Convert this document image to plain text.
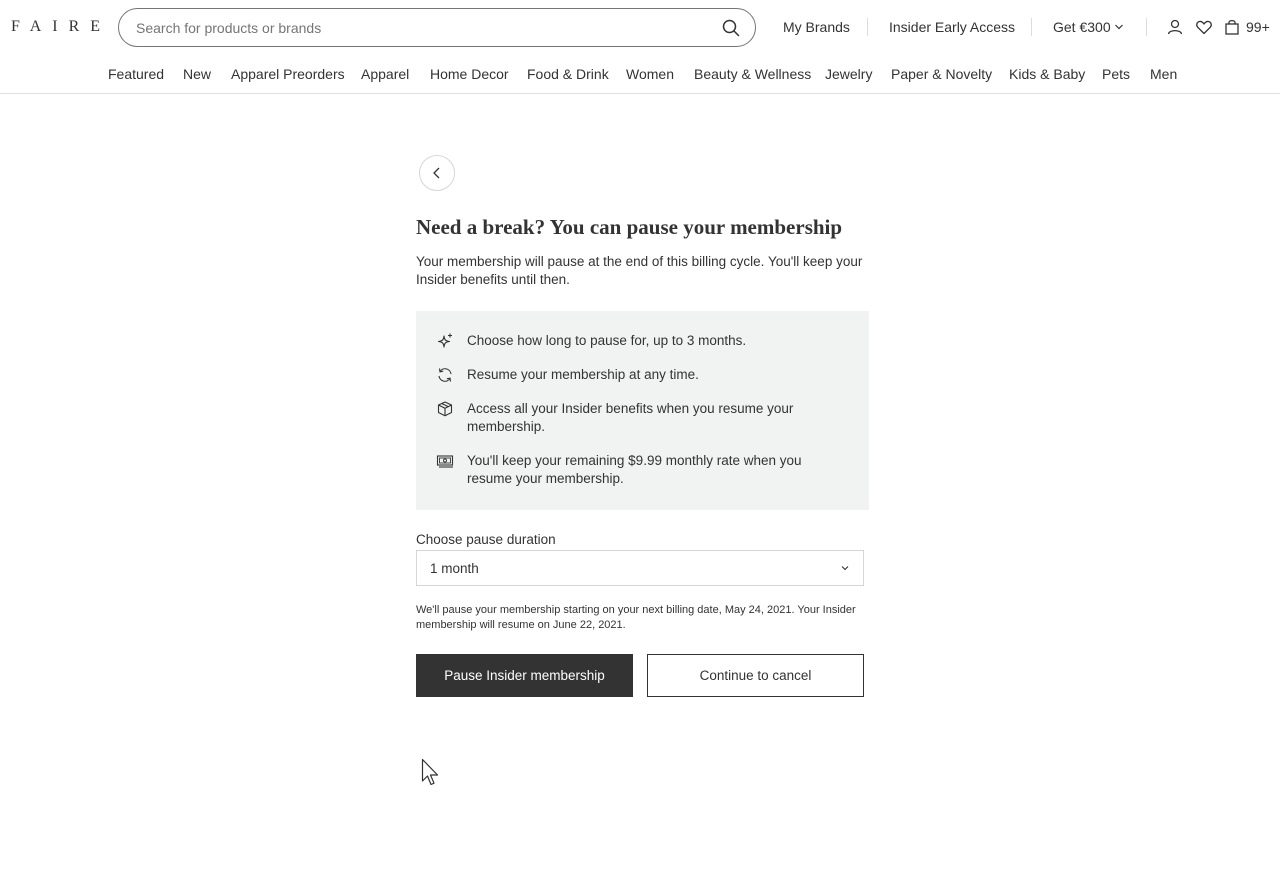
FAIRE
Search for products or brands	My Brands	Insider Early Access	Get €300	99+
Featured New Apparel Preorders Apparel Home Decor Food & Drink Women Beauty & Wellness Jewelry Paper & Novelty Kids & Baby Pets Men
Need a break? You can pause your membership

Your membership will pause at the end of this billing cycle. You'll keep your Insider benefits until then.

Choose how long to pause for, up to 3 months.
Resume your membership at any time.
Access all your Insider benefits when you resume your membership.
You'll keep your remaining $9.99 monthly rate when you resume your membership.
Choose pause duration
1 month

We'll pause your membership starting on your next billing date, May 24, 2021. Your Insider membership will resume on June 22, 2021.

Pause Insider membership	Continue to cancel
